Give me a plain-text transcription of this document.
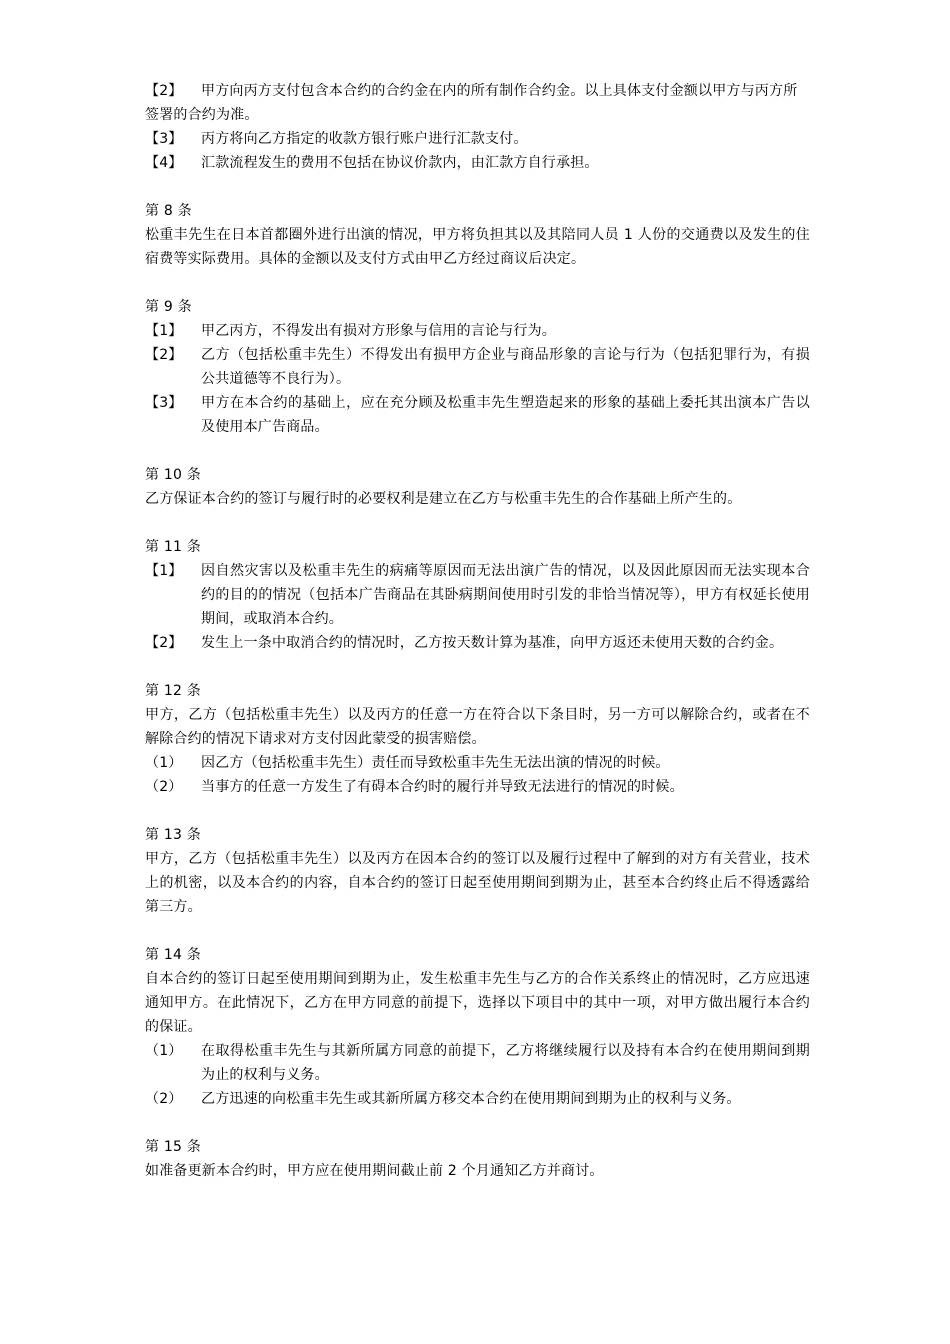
【2】 甲方向丙方支付包含本合约的合约金在内的所有制作合约金。以上具体支付金额以甲方与丙方所签署的合约为准。

【3】	丙方将向乙方指定的收款方银行账户进行汇款支付。

【4】	汇款流程发生的费用不包括在协议价款内，由汇款方自行承担。

第 8 条

松重丰先生在日本首都圈外进行出演的情况，甲方将负担其以及其陪同人员 1 人份的交通费以及发生的住宿费等实际费用。具体的金额以及支付方式由甲乙方经过商议后决定。

第 9 条

【1】	甲乙丙方，不得发出有损对方形象与信用的言论与行为。

【2】	乙方（包括松重丰先生）不得发出有损甲方企业与商品形象的言论与行为（包括犯罪行为，有损公共道德等不良行为）。

【3】	甲方在本合约的基础上，应在充分顾及松重丰先生塑造起来的形象的基础上委托其出演本广告以及使用本广告商品。

第 10 条

乙方保证本合约的签订与履行时的必要权利是建立在乙方与松重丰先生的合作基础上所产生的。

第 11 条

【1】	因自然灾害以及松重丰先生的病痛等原因而无法出演广告的情况，以及因此原因而无法实现本合约的目的的情况（包括本广告商品在其卧病期间使用时引发的非恰当情况等），甲方有权延长使用期间，或取消本合约。

【2】	发生上一条中取消合约的情况时，乙方按天数计算为基准，向甲方返还未使用天数的合约金。

第 12 条

甲方，乙方（包括松重丰先生）以及丙方的任意一方在符合以下条目时，另一方可以解除合约，或者在不解除合约的情况下请求对方支付因此蒙受的损害赔偿。

（1）	因乙方（包括松重丰先生）责任而导致松重丰先生无法出演的情况的时候。

（2）	当事方的任意一方发生了有碍本合约时的履行并导致无法进行的情况的时候。

第 13 条

甲方，乙方（包括松重丰先生）以及丙方在因本合约的签订以及履行过程中了解到的对方有关营业，技术上的机密，以及本合约的内容，自本合约的签订日起至使用期间到期为止，甚至本合约终止后不得透露给第三方。

第 14 条

自本合约的签订日起至使用期间到期为止，发生松重丰先生与乙方的合作关系终止的情况时，乙方应迅速通知甲方。在此情况下，乙方在甲方同意的前提下，选择以下项目中的其中一项，对甲方做出履行本合约的保证。

（1）	在取得松重丰先生与其新所属方同意的前提下，乙方将继续履行以及持有本合约在使用期间到期为止的权利与义务。

（2）	乙方迅速的向松重丰先生或其新所属方移交本合约在使用期间到期为止的权利与义务。

第 15 条

如准备更新本合约时，甲方应在使用期间截止前 2 个月通知乙方并商讨。
